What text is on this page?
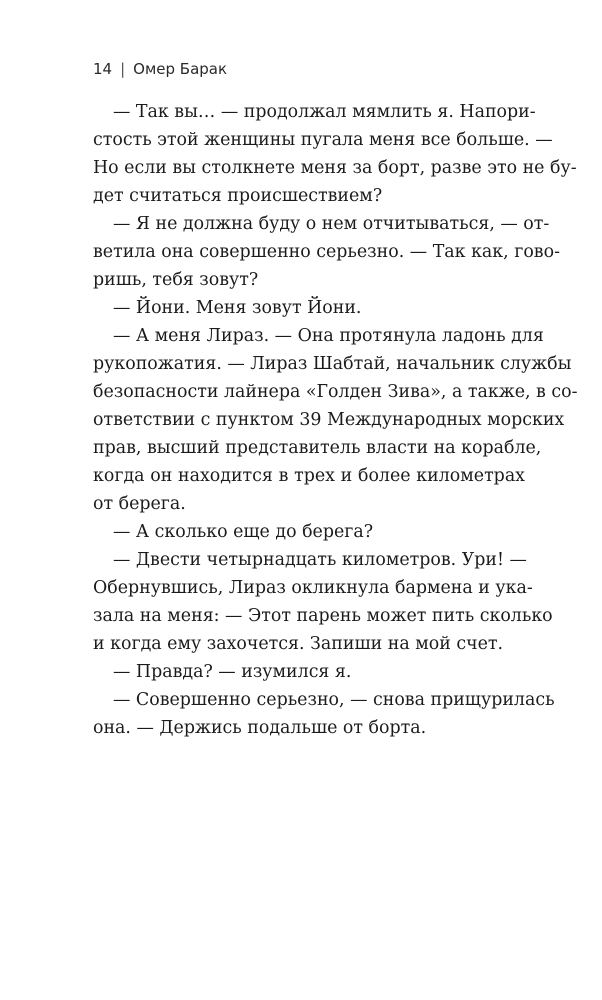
14 | Омер Барак
— Так вы… — продолжал мямлить я. Напори-
стость этой женщины пугала меня все больше. —
Но если вы столкнете меня за борт, разве это не бу-
дет считаться происшествием?
— Я не должна буду о нем отчитываться, — от-
ветила она совершенно серьезно. — Так как, гово-
ришь, тебя зовут?
— Йони. Меня зовут Йони.
— А меня Лираз. — Она протянула ладонь для
рукопожатия. — Лираз Шабтай, начальник службы
безопасности лайнера «Голден Зива», а также, в со-
ответствии с пунктом 39 Международных морских
прав, высший представитель власти на корабле,
когда он находится в трех и более километрах
от берега.
— А сколько еще до берега?
— Двести четырнадцать километров. Ури! —
Обернувшись, Лираз окликнула бармена и ука-
зала на меня: — Этот парень может пить сколько
и когда ему захочется. Запиши на мой счет.
— Правда? — изумился я.
— Совершенно серьезно, — снова прищурилась
она. — Держись подальше от борта.
